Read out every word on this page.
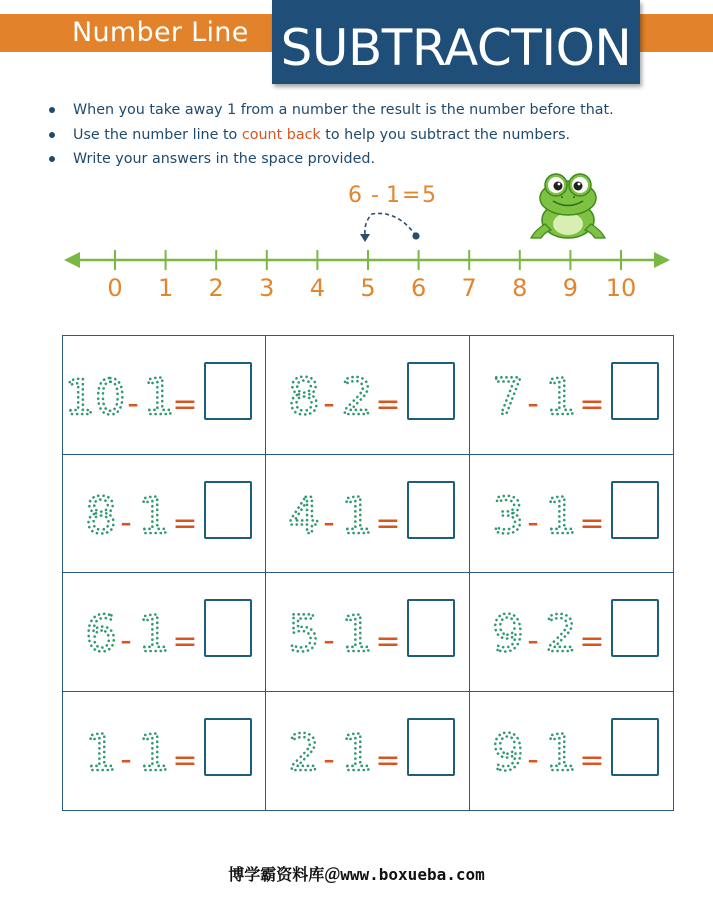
Number Line SUBTRACTION
When you take away 1 from a number the result is the number before that.
Use the number line to count back to help you subtract the numbers.
Write your answers in the space provided.
6 - 1 = 5
0 1 2 3 4 5 6 7 8 9 10
10 - 1
= 8 - 2 = 7 - 1 =
8 - 1 = 4 - 1 = 3 - 1 =
6 - 1 = 5 - 1 = 9 - 2 =
1 - 1 = 2 - 1 = 9 - 1 =
博学霸资料库＠www.boxueba.com
